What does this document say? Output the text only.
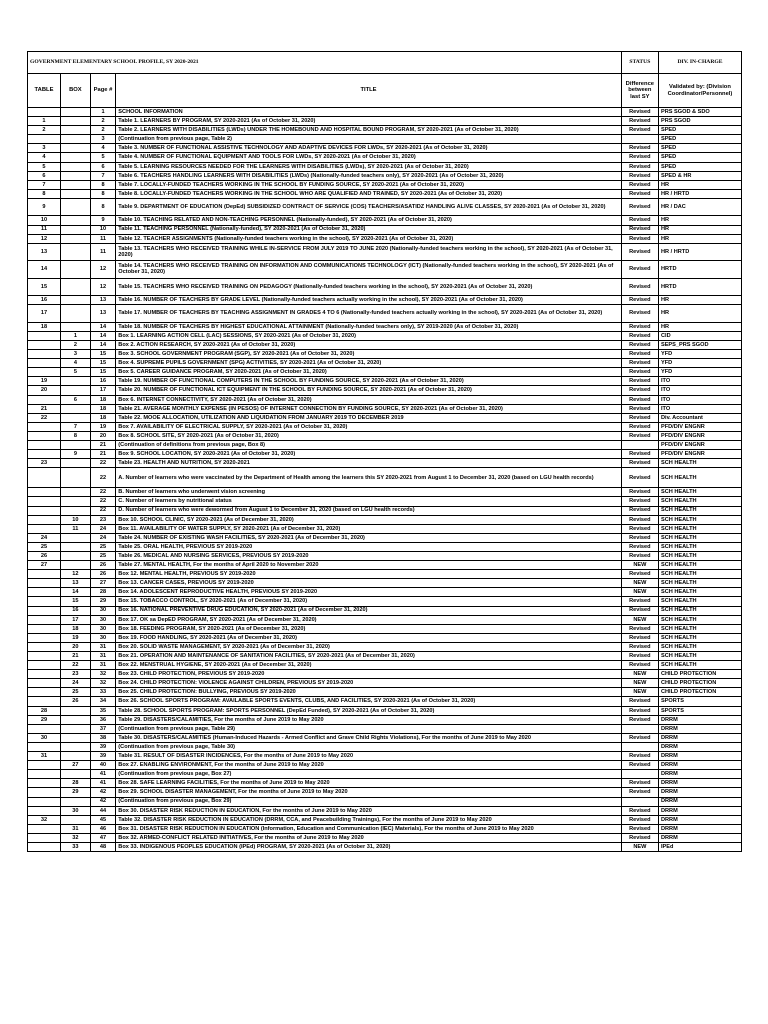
GOVERNMENT ELEMENTARY SCHOOL PROFILE, SY 2020-2021				STATUS	DIV. IN-CHARGE
TABLE	BOX	Page #	TITLE	Difference between last SY	Validated by: (Division Coordinator/Personnel)
		1	SCHOOL INFORMATION	Revised	PRS SGOD & SDO
1		2	Table 1. LEARNERS BY PROGRAM, SY 2020-2021 (As of October 31, 2020)	Revised	PRS SGOD
2		2	Table 2. LEARNERS WITH DISABILITIES (LWDs) UNDER THE HOMEBOUND AND HOSPITAL BOUND PROGRAM, SY 2020-2021 (As of October 31, 2020)	Revised	SPED
		3	(Continuation from previous page, Table 2)		SPED
3		4	Table 3. NUMBER OF FUNCTIONAL ASSISTIVE TECHNOLOGY AND ADAPTIVE DEVICES FOR LWDs, SY 2020-2021 (As of October 31, 2020)	Revised	SPED
4		5	Table 4. NUMBER OF FUNCTIONAL EQUIPMENT AND TOOLS FOR LWDs, SY 2020-2021 (As of October 31, 2020)	Revised	SPED
5		6	Table 5. LEARNING RESOURCES NEEDED FOR THE LEARNERS WITH DISABILITIES (LWDs), SY 2020-2021 (As of October 31, 2020)	Revised	SPED
6		7	Table 6. TEACHERS HANDLING LEARNERS WITH DISABILITIES (LWDs) (Nationally-funded teachers only), SY 2020-2021 (As of October 31, 2020)	Revised	SPED & HR
7		8	Table 7. LOCALLY-FUNDED TEACHERS WORKING IN THE SCHOOL BY FUNDING SOURCE, SY 2020-2021 (As of October 31, 2020)	Revised	HR
8		8	Table 8. LOCALLY-FUNDED TEACHERS WORKING IN THE SCHOOL WHO ARE QUALIFIED AND TRAINED, SY 2020-2021 (As of October 31, 2020)	Revised	HR / HRTD
9		8	Table 9. DEPARTMENT OF EDUCATION (DepEd) SUBSIDIZED CONTRACT OF SERVICE (COS) TEACHERS/ASATIDZ HANDLING ALIVE CLASSES, SY 2020-2021 (As of October 31, 2020)	Revised	HR / DAC
10		9	Table 10. TEACHING RELATED AND NON-TEACHING PERSONNEL (Nationally-funded), SY 2020-2021 (As of October 31, 2020)	Revised	HR
11		10	Table 11. TEACHING PERSONNEL (Nationally-funded), SY 2020-2021 (As of October 31, 2020)	Revised	HR
12		11	Table 12. TEACHER ASSIGNMENTS (Nationally-funded teachers working in the school), SY 2020-2021 (As of October 31, 2020)	Revised	HR
13		11	Table 13. TEACHERS WHO RECEIVED TRAINING WHILE IN-SERVICE FROM JULY 2019 TO JUNE 2020 (Nationally-funded teachers working in the school), SY 2020-2021 (As of October 31, 2020)	Revised	HR / HRTD
14		12	Table 14. TEACHERS WHO RECEIVED TRAINING ON INFORMATION AND COMMUNICATIONS TECHNOLOGY (ICT) (Nationally-funded teachers working in the school), SY 2020-2021 (As of October 31, 2020)	Revised	HRTD
15		12	Table 15. TEACHERS WHO RECEIVED TRAINING ON PEDAGOGY (Nationally-funded teachers working in the school), SY 2020-2021 (As of October 31, 2020)	Revised	HRTD
16		13	Table 16. NUMBER OF TEACHERS BY GRADE LEVEL (Nationally-funded teachers actually working in the school), SY 2020-2021 (As of October 31, 2020)	Revised	HR
17		13	Table 17. NUMBER OF TEACHERS BY TEACHING ASSIGNMENT IN GRADES 4 TO 6 (Nationally-funded teachers actually working in the school), SY 2020-2021 (As of October 31, 2020)	Revised	HR
18		14	Table 18. NUMBER OF TEACHERS BY HIGHEST EDUCATIONAL ATTAINMENT (Nationally-funded teachers only), SY 2019-2020 (As of October 31, 2020)	Revised	HR
	1	14	Box 1. LEARNING ACTION CELL (LAC) SESSIONS, SY 2020-2021 (As of October 31, 2020)	Revised	CID
	2	14	Box 2. ACTION RESEARCH, SY 2020-2021 (As of October 31, 2020)	Revised	SEPS_PRS SGOD
	3	15	Box 3. SCHOOL GOVERNMENT PROGRAM (SGP), SY 2020-2021 (As of October 31, 2020)	Revised	YFD
	4	15	Box 4. SUPREME PUPILS GOVERNMENT (SPG) ACTIVITIES, SY 2020-2021 (As of October 31, 2020)	Revised	YFD
	5	15	Box 5. CAREER GUIDANCE PROGRAM, SY 2020-2021 (As of October 31, 2020)	Revised	YFD
19		16	Table 19. NUMBER OF FUNCTIONAL COMPUTERS IN THE SCHOOL BY FUNDING SOURCE, SY 2020-2021 (As of October 31, 2020)	Revised	ITO
20		17	Table 20. NUMBER OF FUNCTIONAL ICT EQUIPMENT IN THE SCHOOL BY FUNDING SOURCE, SY 2020-2021 (As of October 31, 2020)	Revised	ITO
	6	18	Box 6. INTERNET CONNECTIVITY, SY 2020-2021 (As of October 31, 2020)	Revised	ITO
21		18	Table 21. AVERAGE MONTHLY EXPENSE (IN PESOS) OF INTERNET CONNECTION BY FUNDING SOURCE, SY 2020-2021 (As of October 31, 2020)	Revised	ITO
22		18	Table 22. MOOE ALLOCATION, UTILIZATION AND LIQUIDATION FROM JANUARY 2019 TO DECEMBER 2019	Revised	Div. Accountant
	7	19	Box 7. AVAILABILITY OF ELECTRICAL SUPPLY, SY 2020-2021 (As of October 31, 2020)	Revised	PFD/DIV ENGNR
	8	20	Box 8. SCHOOL SITE, SY 2020-2021 (As of October 31, 2020)	Revised	PFD/DIV ENGNR
		21	(Continuation of definitions from previous page, Box 8)		PFD/DIV ENGNR
	9	21	Box 9. SCHOOL LOCATION, SY 2020-2021 (As of October 31, 2020)	Revised	PFD/DIV ENGNR
23		22	Table 23. HEALTH AND NUTRITION, SY 2020-2021	Revised	SCH HEALTH
		22	A. Number of learners who were vaccinated by the Department of Health among the learners this SY 2020-2021 from August 1 to December 31, 2020 (based on LGU health records)	Revised	SCH HEALTH
		22	B. Number of learners who underwent vision screening	Revised	SCH HEALTH
		22	C. Number of learners by nutritional status	Revised	SCH HEALTH
		22	D. Number of learners who were dewormed from August 1 to December 31, 2020 (based on LGU health records)	Revised	SCH HEALTH
	10	23	Box 10. SCHOOL CLINIC, SY 2020-2021 (As of December 31, 2020)	Revised	SCH HEALTH
	11	24	Box 11. AVAILABILITY OF WATER SUPPLY, SY 2020-2021 (As of December 31, 2020)	Revised	SCH HEALTH
24		24	Table 24. NUMBER OF EXISTING WASH FACILITIES, SY 2020-2021 (As of December 31, 2020)	Revised	SCH HEALTH
25		25	Table 25. ORAL HEALTH, PREVIOUS SY 2019-2020	Revised	SCH HEALTH
26		25	Table 26. MEDICAL AND NURSING SERVICES, PREVIOUS SY 2019-2020	Revised	SCH HEALTH
27		26	Table 27. MENTAL HEALTH, For the months of April 2020 to November 2020	NEW	SCH HEALTH
	12	26	Box 12. MENTAL HEALTH, PREVIOUS SY 2019-2020	Revised	SCH HEALTH
	13	27	Box 13. CANCER CASES, PREVIOUS SY 2019-2020	NEW	SCH HEALTH
	14	28	Box 14. ADOLESCENT REPRODUCTIVE HEALTH, PREVIOUS SY 2019-2020	NEW	SCH HEALTH
	15	29	Box 15. TOBACCO CONTROL, SY 2020-2021 (As of December 31, 2020)	Revised	SCH HEALTH
	16	30	Box 16. NATIONAL PREVENTIVE DRUG EDUCATION, SY 2020-2021 (As of December 31, 2020)	Revised	SCH HEALTH
	17	30	Box 17. OK sa DepED PROGRAM, SY 2020-2021 (As of December 31, 2020)	NEW	SCH HEALTH
	18	30	Box 18. FEEDING PROGRAM, SY 2020-2021 (As of December 31, 2020)	Revised	SCH HEALTH
	19	30	Box 19. FOOD HANDLING, SY 2020-2021 (As of December 31, 2020)	Revised	SCH HEALTH
	20	31	Box 20. SOLID WASTE MANAGEMENT, SY 2020-2021 (As of December 31, 2020)	Revised	SCH HEALTH
	21	31	Box 21. OPERATION AND MAINTENANCE OF SANITATION FACILITIES, SY 2020-2021 (As of December 31, 2020)	Revised	SCH HEALTH
	22	31	Box 22. MENSTRUAL HYGIENE, SY 2020-2021 (As of December 31, 2020)	Revised	SCH HEALTH
	23	32	Box 23. CHILD PROTECTION, PREVIOUS SY 2019-2020	NEW	CHILD PROTECTION
	24	32	Box 24. CHILD PROTECTION: VIOLENCE AGAINST CHILDREN, PREVIOUS SY 2019-2020	NEW	CHILD PROTECTION
	25	33	Box 25. CHILD PROTECTION: BULLYING, PREVIOUS SY 2019-2020	NEW	CHILD PROTECTION
	26	34	Box 26. SCHOOL SPORTS PROGRAM: AVAILABLE SPORTS EVENTS, CLUBS, AND FACILITIES, SY 2020-2021 (As of October 31, 2020)	Revised	SPORTS
28		35	Table 28. SCHOOL SPORTS PROGRAM: SPORTS PERSONNEL (DepEd Funded), SY 2020-2021 (As of October 31, 2020)	Revised	SPORTS
29		36	Table 29. DISASTERS/CALAMITIES, For the months of June 2019 to May 2020	Revised	DRRM
		37	(Continuation from previous page, Table 29)		DRRM
30		38	Table 30. DISASTERS/CALAMITIES (Human-Induced Hazards - Armed Conflict and Grave Child Rights Violations), For the months of June 2019 to May 2020	Revised	DRRM
		39	(Continuation from previous page, Table 30)		DRRM
31		39	Table 31. RESULT OF DISASTER INCIDENCES, For the months of June 2019 to May 2020	Revised	DRRM
	27	40	Box 27. ENABLING ENVIRONMENT, For the months of June 2019 to May 2020	Revised	DRRM
		41	(Continuation from previous page, Box 27)		DRRM
	28	41	Box 28. SAFE LEARNING FACILITIES, For the months of June 2019 to May 2020	Revised	DRRM
	29	42	Box 29. SCHOOL DISASTER MANAGEMENT, For the months of June 2019 to May 2020	Revised	DRRM
		42	(Continuation from previous page, Box 29)		DRRM
	30	44	Box 30. DISASTER RISK REDUCTION IN EDUCATION, For the months of June 2019 to May 2020	Revised	DRRM
32		45	Table 32. DISASTER RISK REDUCTION IN EDUCATION (DRRM, CCA, and Peacebuilding Trainings), For the months of June 2019 to May 2020	Revised	DRRM
	31	46	Box 31. DISASTER RISK REDUCTION IN EDUCATION (Information, Education and Communication (IEC) Materials), For the months of June 2019 to May 2020	Revised	DRRM
	32	47	Box 32. ARMED-CONFLICT RELATED INITIATIVES, For the months of June 2019 to May 2020	Revised	DRRM
	33	48	Box 33. INDIGENOUS PEOPLES EDUCATION (IPEd) PROGRAM, SY 2020-2021 (As of October 31, 2020)	NEW	IPEd
